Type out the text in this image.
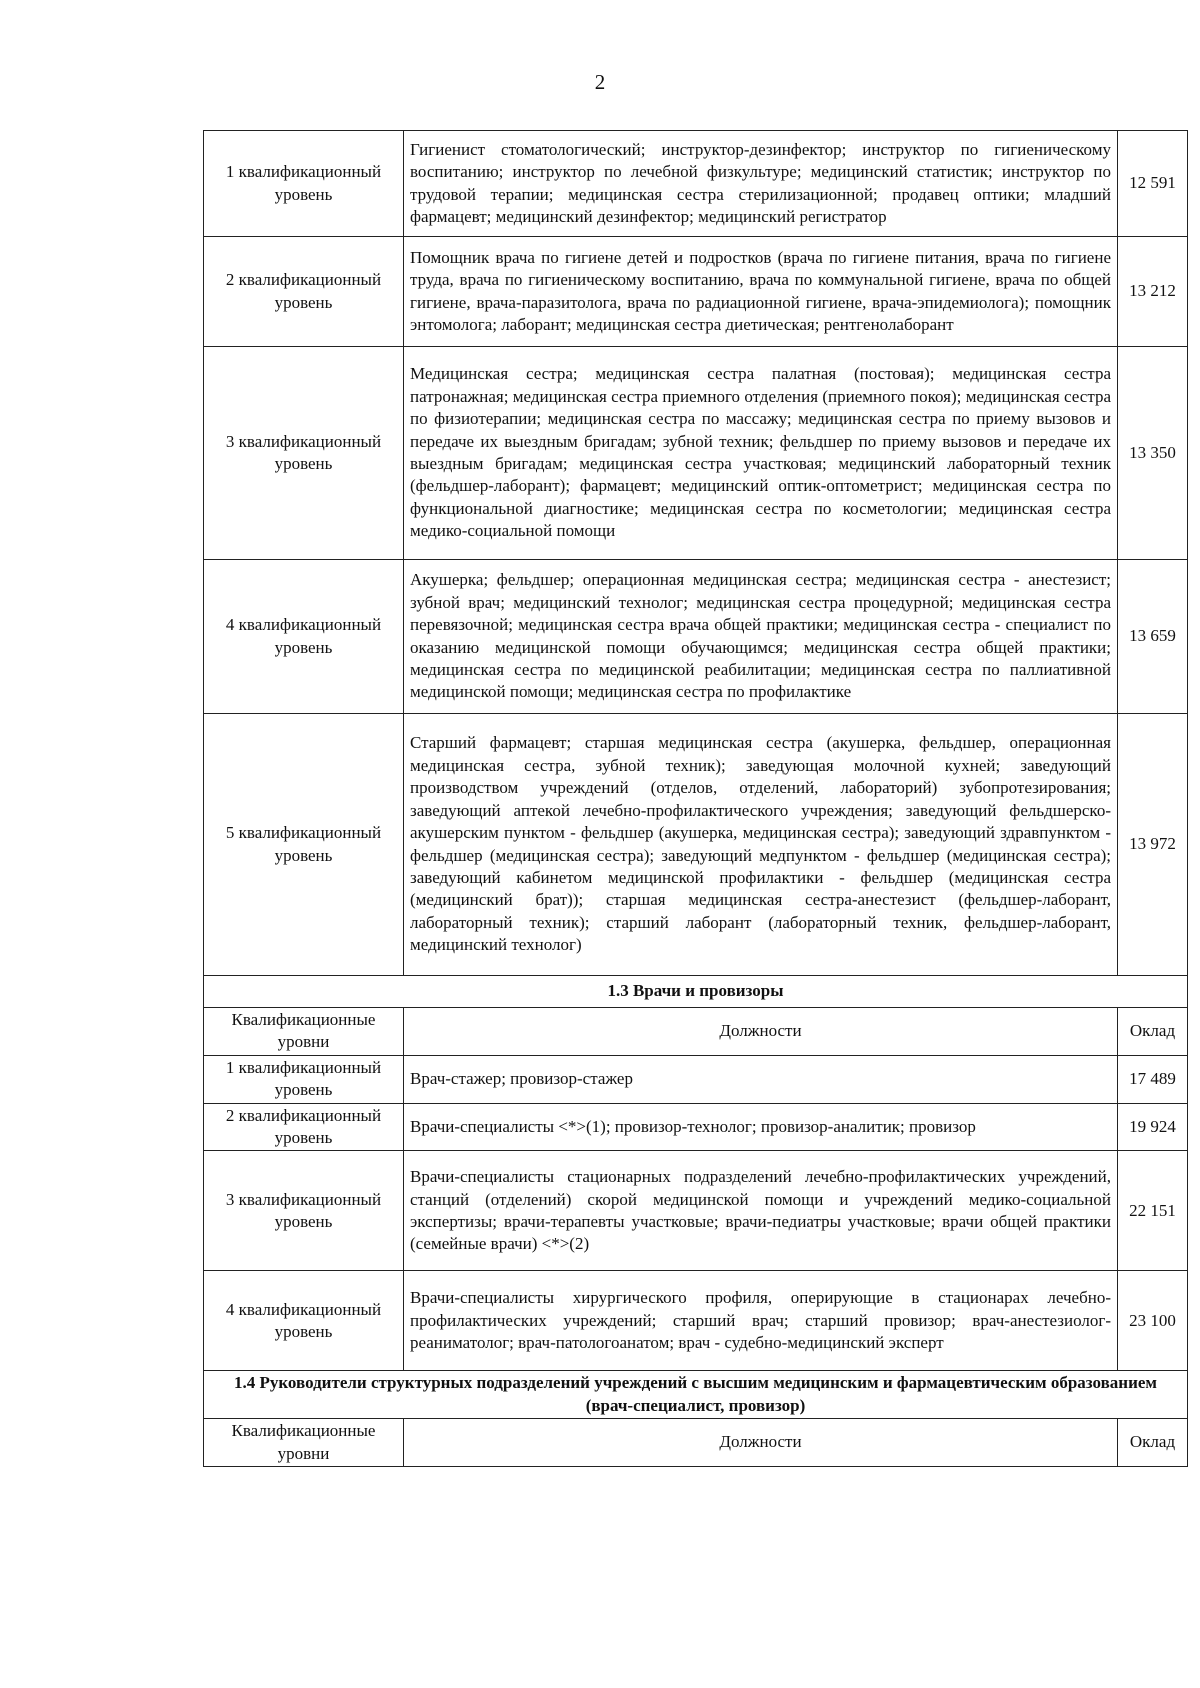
2
1 квалификационный уровень	Гигиенист стоматологический; инструктор-дезинфектор; инструктор по гигиеническому воспитанию; инструктор по лечебной физкультуре; медицинский статистик; инструктор по трудовой терапии; медицинская сестра стерилизационной; продавец оптики; младший фармацевт; медицинский дезинфектор; медицинский регистратор	12 591
2 квалификационный уровень	Помощник врача по гигиене детей и подростков (врача по гигиене питания, врача по гигиене труда, врача по гигиеническому воспитанию, врача по коммунальной гигиене, врача по общей гигиене, врача-паразитолога, врача по радиационной гигиене, врача-эпидемиолога); помощник энтомолога; лаборант; медицинская сестра диетическая; рентгенолаборант	13 212
3 квалификационный уровень	Медицинская сестра; медицинская сестра палатная (постовая); медицинская сестра патронажная; медицинская сестра приемного отделения (приемного покоя); медицинская сестра по физиотерапии; медицинская сестра по массажу; медицинская сестра по приему вызовов и передаче их выездным бригадам; зубной техник; фельдшер по приему вызовов и передаче их выездным бригадам; медицинская сестра участковая; медицинский лабораторный техник (фельдшер-лаборант); фармацевт; медицинский оптик-оптометрист; медицинская сестра по функциональной диагностике; медицинская сестра по косметологии; медицинская сестра медико-социальной помощи	13 350
4 квалификационный уровень	Акушерка; фельдшер; операционная медицинская сестра; медицинская сестра - анестезист; зубной врач; медицинский технолог; медицинская сестра процедурной; медицинская сестра перевязочной; медицинская сестра врача общей практики; медицинская сестра - специалист по оказанию медицинской помощи обучающимся; медицинская сестра общей практики; медицинская сестра по медицинской реабилитации; медицинская сестра по паллиативной медицинской помощи; медицинская сестра по профилактике	13 659
5 квалификационный уровень	Старший фармацевт; старшая медицинская сестра (акушерка, фельдшер, операционная медицинская сестра, зубной техник); заведующая молочной кухней; заведующий производством учреждений (отделов, отделений, лабораторий) зубопротезирования; заведующий аптекой лечебно-профилактического учреждения; заведующий фельдшерско-акушерским пунктом - фельдшер (акушерка, медицинская сестра); заведующий здравпунктом - фельдшер (медицинская сестра); заведующий медпунктом - фельдшер (медицинская сестра); заведующий кабинетом медицинской профилактики - фельдшер (медицинская сестра (медицинский брат)); старшая медицинская сестра-анестезист (фельдшер-лаборант, лабораторный техник); старший лаборант (лабораторный техник, фельдшер-лаборант, медицинский технолог)	13 972
1.3 Врачи и провизоры		
Квалификационные уровни	Должности	Оклад
1 квалификационный уровень	Врач-стажер; провизор-стажер	17 489
2 квалификационный уровень	Врачи-специалисты <*>(1); провизор-технолог; провизор-аналитик; провизор	19 924
3 квалификационный уровень	Врачи-специалисты стационарных подразделений лечебно-профилактических учреждений, станций (отделений) скорой медицинской помощи и учреждений медико-социальной экспертизы; врачи-терапевты участковые; врачи-педиатры участковые; врачи общей практики (семейные врачи) <*>(2)	22 151
4 квалификационный уровень	Врачи-специалисты хирургического профиля, оперирующие в стационарах лечебно-профилактических учреждений; старший врач; старший провизор; врач-анестезиолог-реаниматолог; врач-патологоанатом; врач - судебно-медицинский эксперт	23 100
1.4 Руководители структурных подразделений учреждений с высшим медицинским и фармацевтическим образованием (врач-специалист, провизор)		
Квалификационные уровни	Должности	Оклад
